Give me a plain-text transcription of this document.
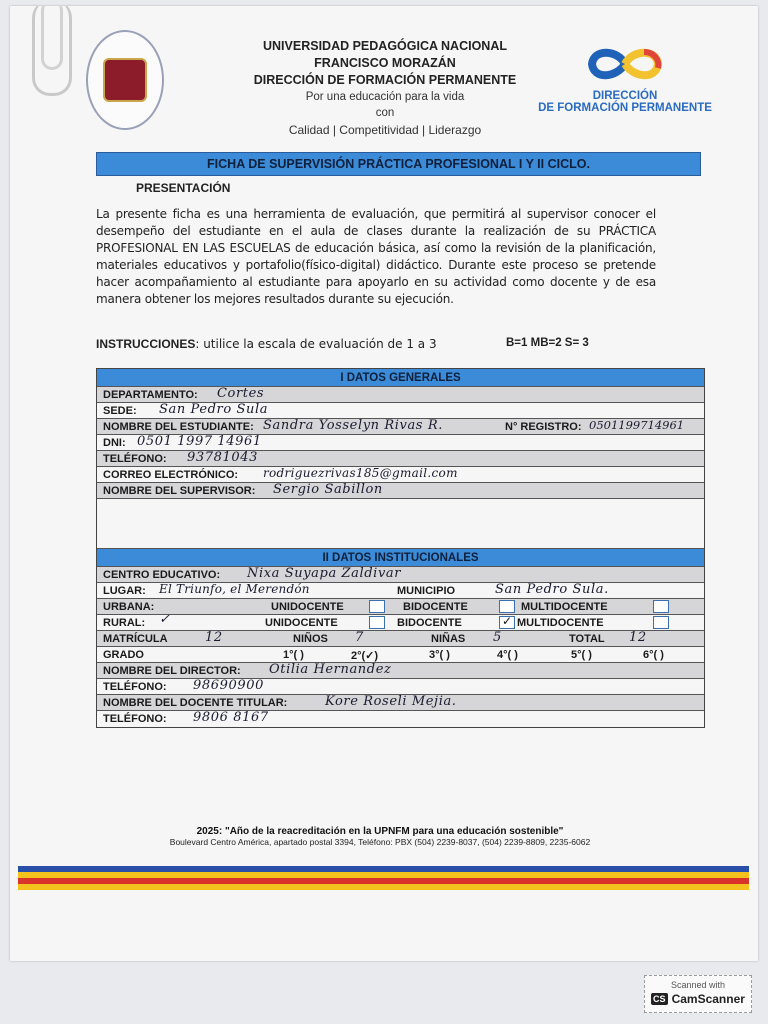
UNIVERSIDAD PEDAGÓGICA NACIONAL
FRANCISCO MORAZÁN
DIRECCIÓN DE FORMACIÓN PERMANENTE
Por una educación para la vida
con
Calidad | Competitividad | Liderazgo
DIRECCIÓN
DE FORMACIÓN PERMANENTE
FICHA DE SUPERVISIÓN PRÁCTICA PROFESIONAL I Y II CICLO.
PRESENTACIÓN
La presente ficha es una herramienta de evaluación, que permitirá al supervisor conocer el desempeño del estudiante en el aula de clases durante la realización de su PRÁCTICA PROFESIONAL EN LAS ESCUELAS de educación básica, así como la revisión de la planificación, materiales educativos y portafolio(físico-digital) didáctico. Durante este proceso se pretende hacer acompañamiento al estudiante para apoyarlo en su actividad como docente y de esa manera obtener los mejores resultados durante su ejecución.
INSTRUCCIONES: utilice la escala de evaluación de 1 a 3	B=1 MB=2 S= 3
I DATOS GENERALES
DEPARTAMENTO: Cortes
SEDE: San Pedro Sula
NOMBRE DEL ESTUDIANTE: Sandra Yosselyn Rivas R.	N° REGISTRO: 0501199714961
DNI: 0501 1997 14961
TELÉFONO: 93781043
CORREO ELECTRÓNICO: rodriguezrivas185@gmail.com
NOMBRE DEL SUPERVISOR: Sergio Sabillon
II DATOS INSTITUCIONALES
CENTRO EDUCATIVO: Nixa Suyapa Zaldivar
LUGAR: El Triunfo, el Merendón	MUNICIPIO	San Pedro Sula.
URBANA:	UNIDOCENTE	BIDOCENTE	MULTIDOCENTE
RURAL: ✓	UNIDOCENTE	BIDOCENTE	✓ MULTIDOCENTE
MATRÍCULA	12	NIÑOS 7	NIÑAS 5	TOTAL 12
GRADO	1°( )	2°(✓)	3°( )	4°( )	5°( )	6°( )
NOMBRE DEL DIRECTOR: Otilia Hernandez
TELÉFONO: 98690900
NOMBRE DEL DOCENTE TITULAR:	Kore Roseli Mejia.
TELÉFONO: 9806 8167
2025: "Año de la reacreditación en la UPNFM para una educación sostenible"
Boulevard Centro América, apartado postal 3394, Teléfono: PBX (504) 2239-8037, (504) 2239-8809, 2235-6062
Scanned with
CS CamScanner
